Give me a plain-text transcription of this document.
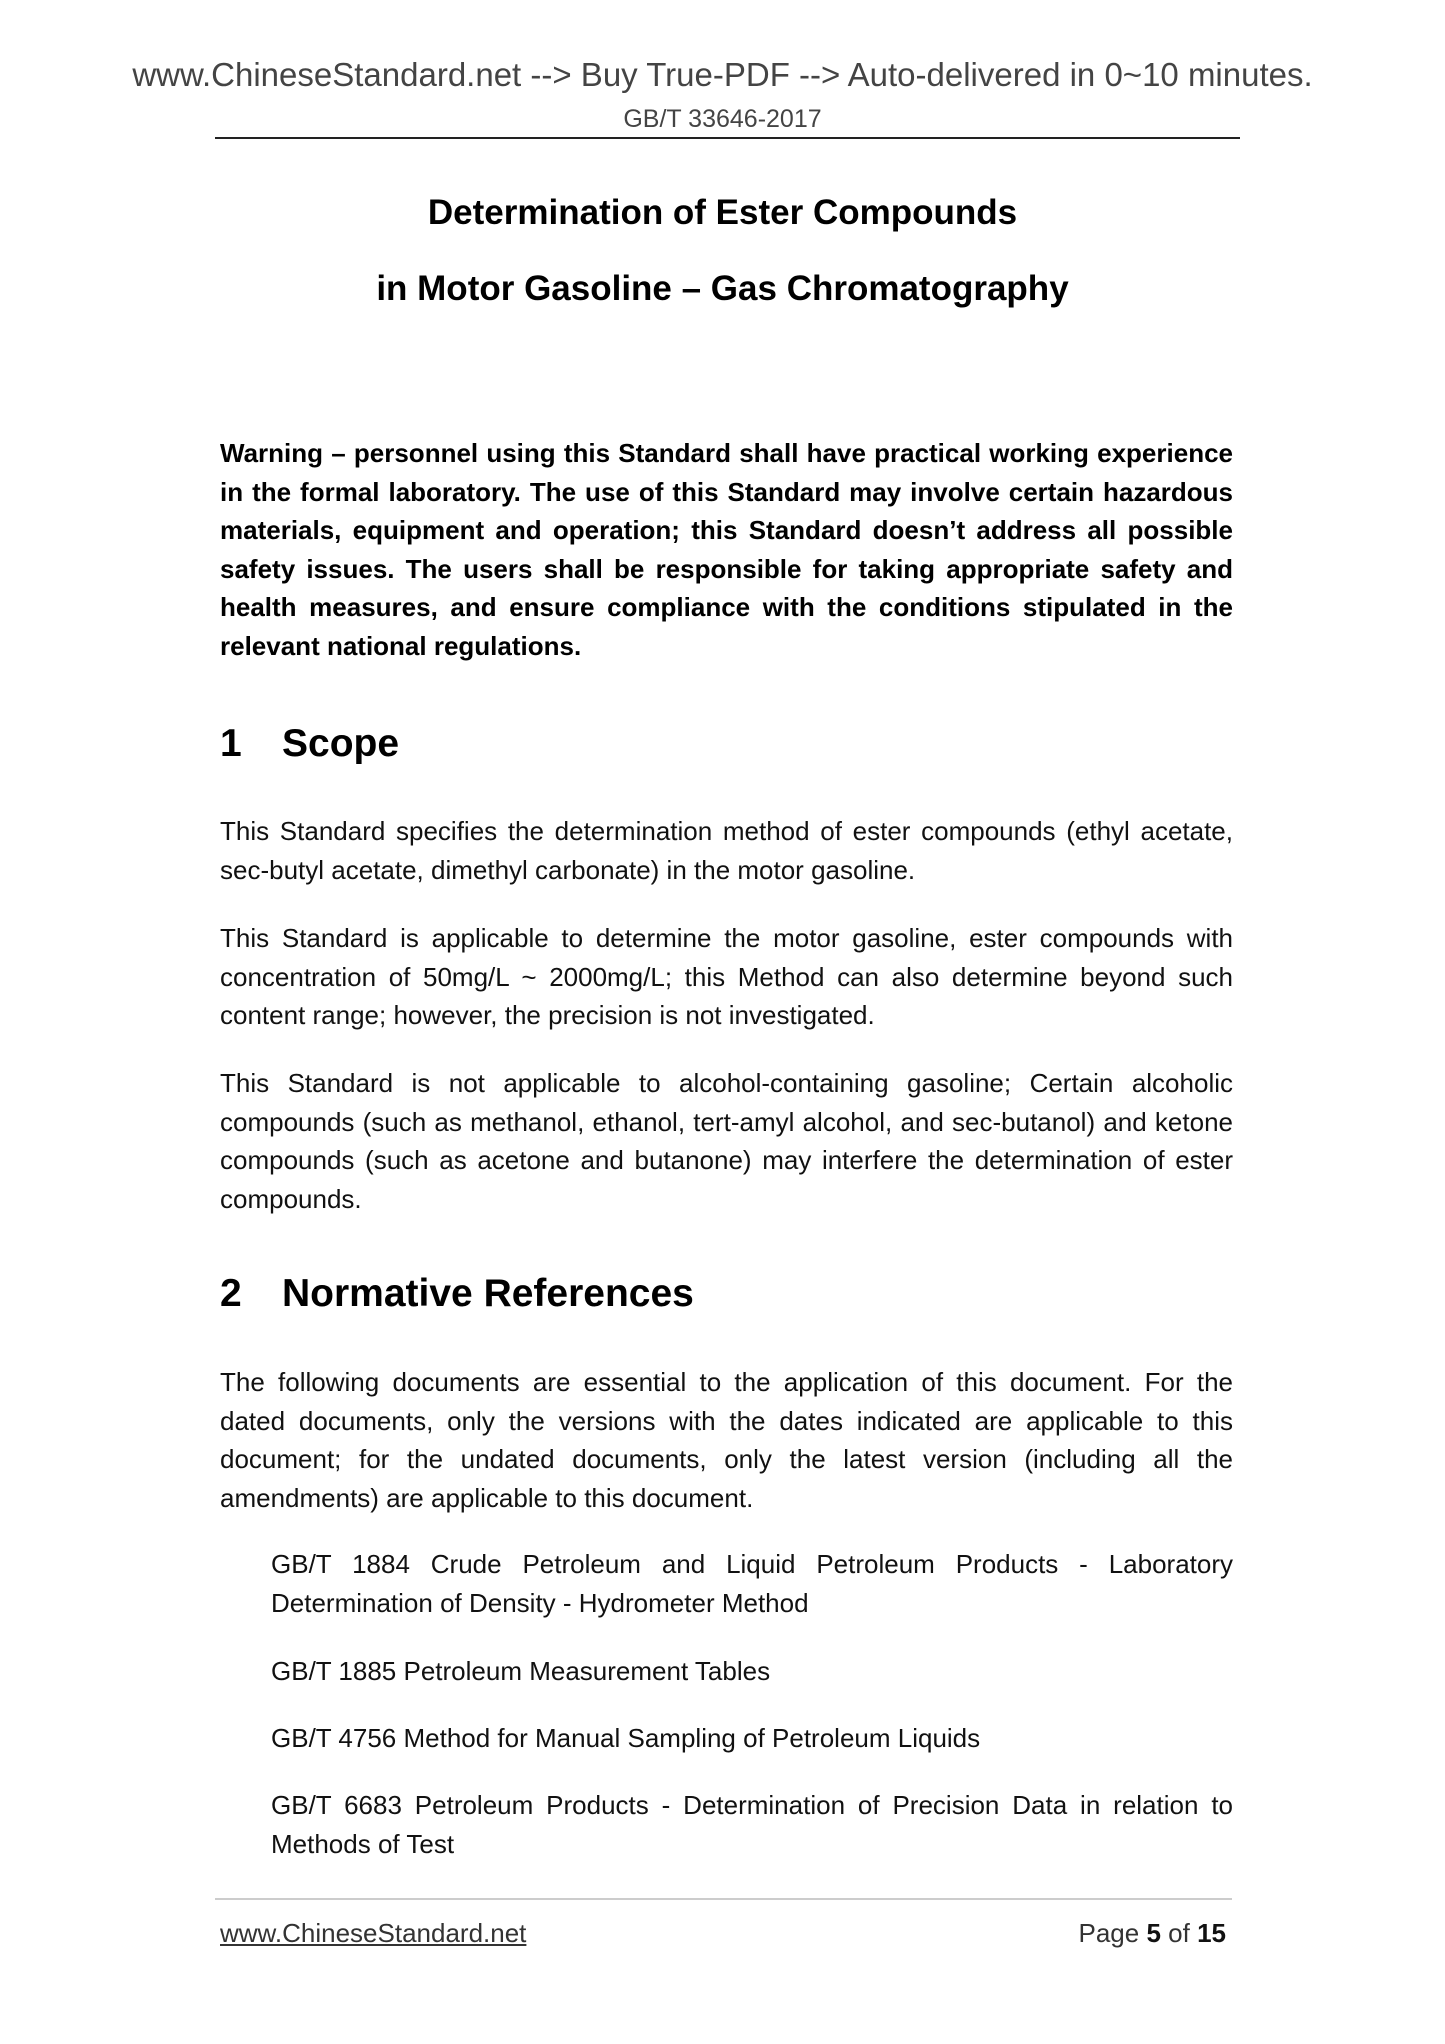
www.ChineseStandard.net --> Buy True-PDF --> Auto-delivered in 0~10 minutes.
GB/T 33646-2017
Determination of Ester Compounds
in Motor Gasoline – Gas Chromatography
Warning – personnel using this Standard shall have practical working experience in the formal laboratory. The use of this Standard may involve certain hazardous materials, equipment and operation; this Standard doesn’t address all possible safety issues. The users shall be responsible for taking appropriate safety and health measures, and ensure compliance with the conditions stipulated in the relevant national regulations.
1 Scope
This Standard specifies the determination method of ester compounds (ethyl acetate, sec-butyl acetate, dimethyl carbonate) in the motor gasoline.
This Standard is applicable to determine the motor gasoline, ester compounds with concentration of 50mg/L ~ 2000mg/L; this Method can also determine beyond such content range; however, the precision is not investigated.
This Standard is not applicable to alcohol-containing gasoline; Certain alcoholic compounds (such as methanol, ethanol, tert-amyl alcohol, and sec-butanol) and ketone compounds (such as acetone and butanone) may interfere the determination of ester compounds.
2 Normative References
The following documents are essential to the application of this document. For the dated documents, only the versions with the dates indicated are applicable to this document; for the undated documents, only the latest version (including all the amendments) are applicable to this document.
GB/T 1884 Crude Petroleum and Liquid Petroleum Products - Laboratory Determination of Density - Hydrometer Method
GB/T 1885 Petroleum Measurement Tables
GB/T 4756 Method for Manual Sampling of Petroleum Liquids
GB/T 6683 Petroleum Products - Determination of Precision Data in relation to Methods of Test
www.ChineseStandard.net	Page 5 of 15
